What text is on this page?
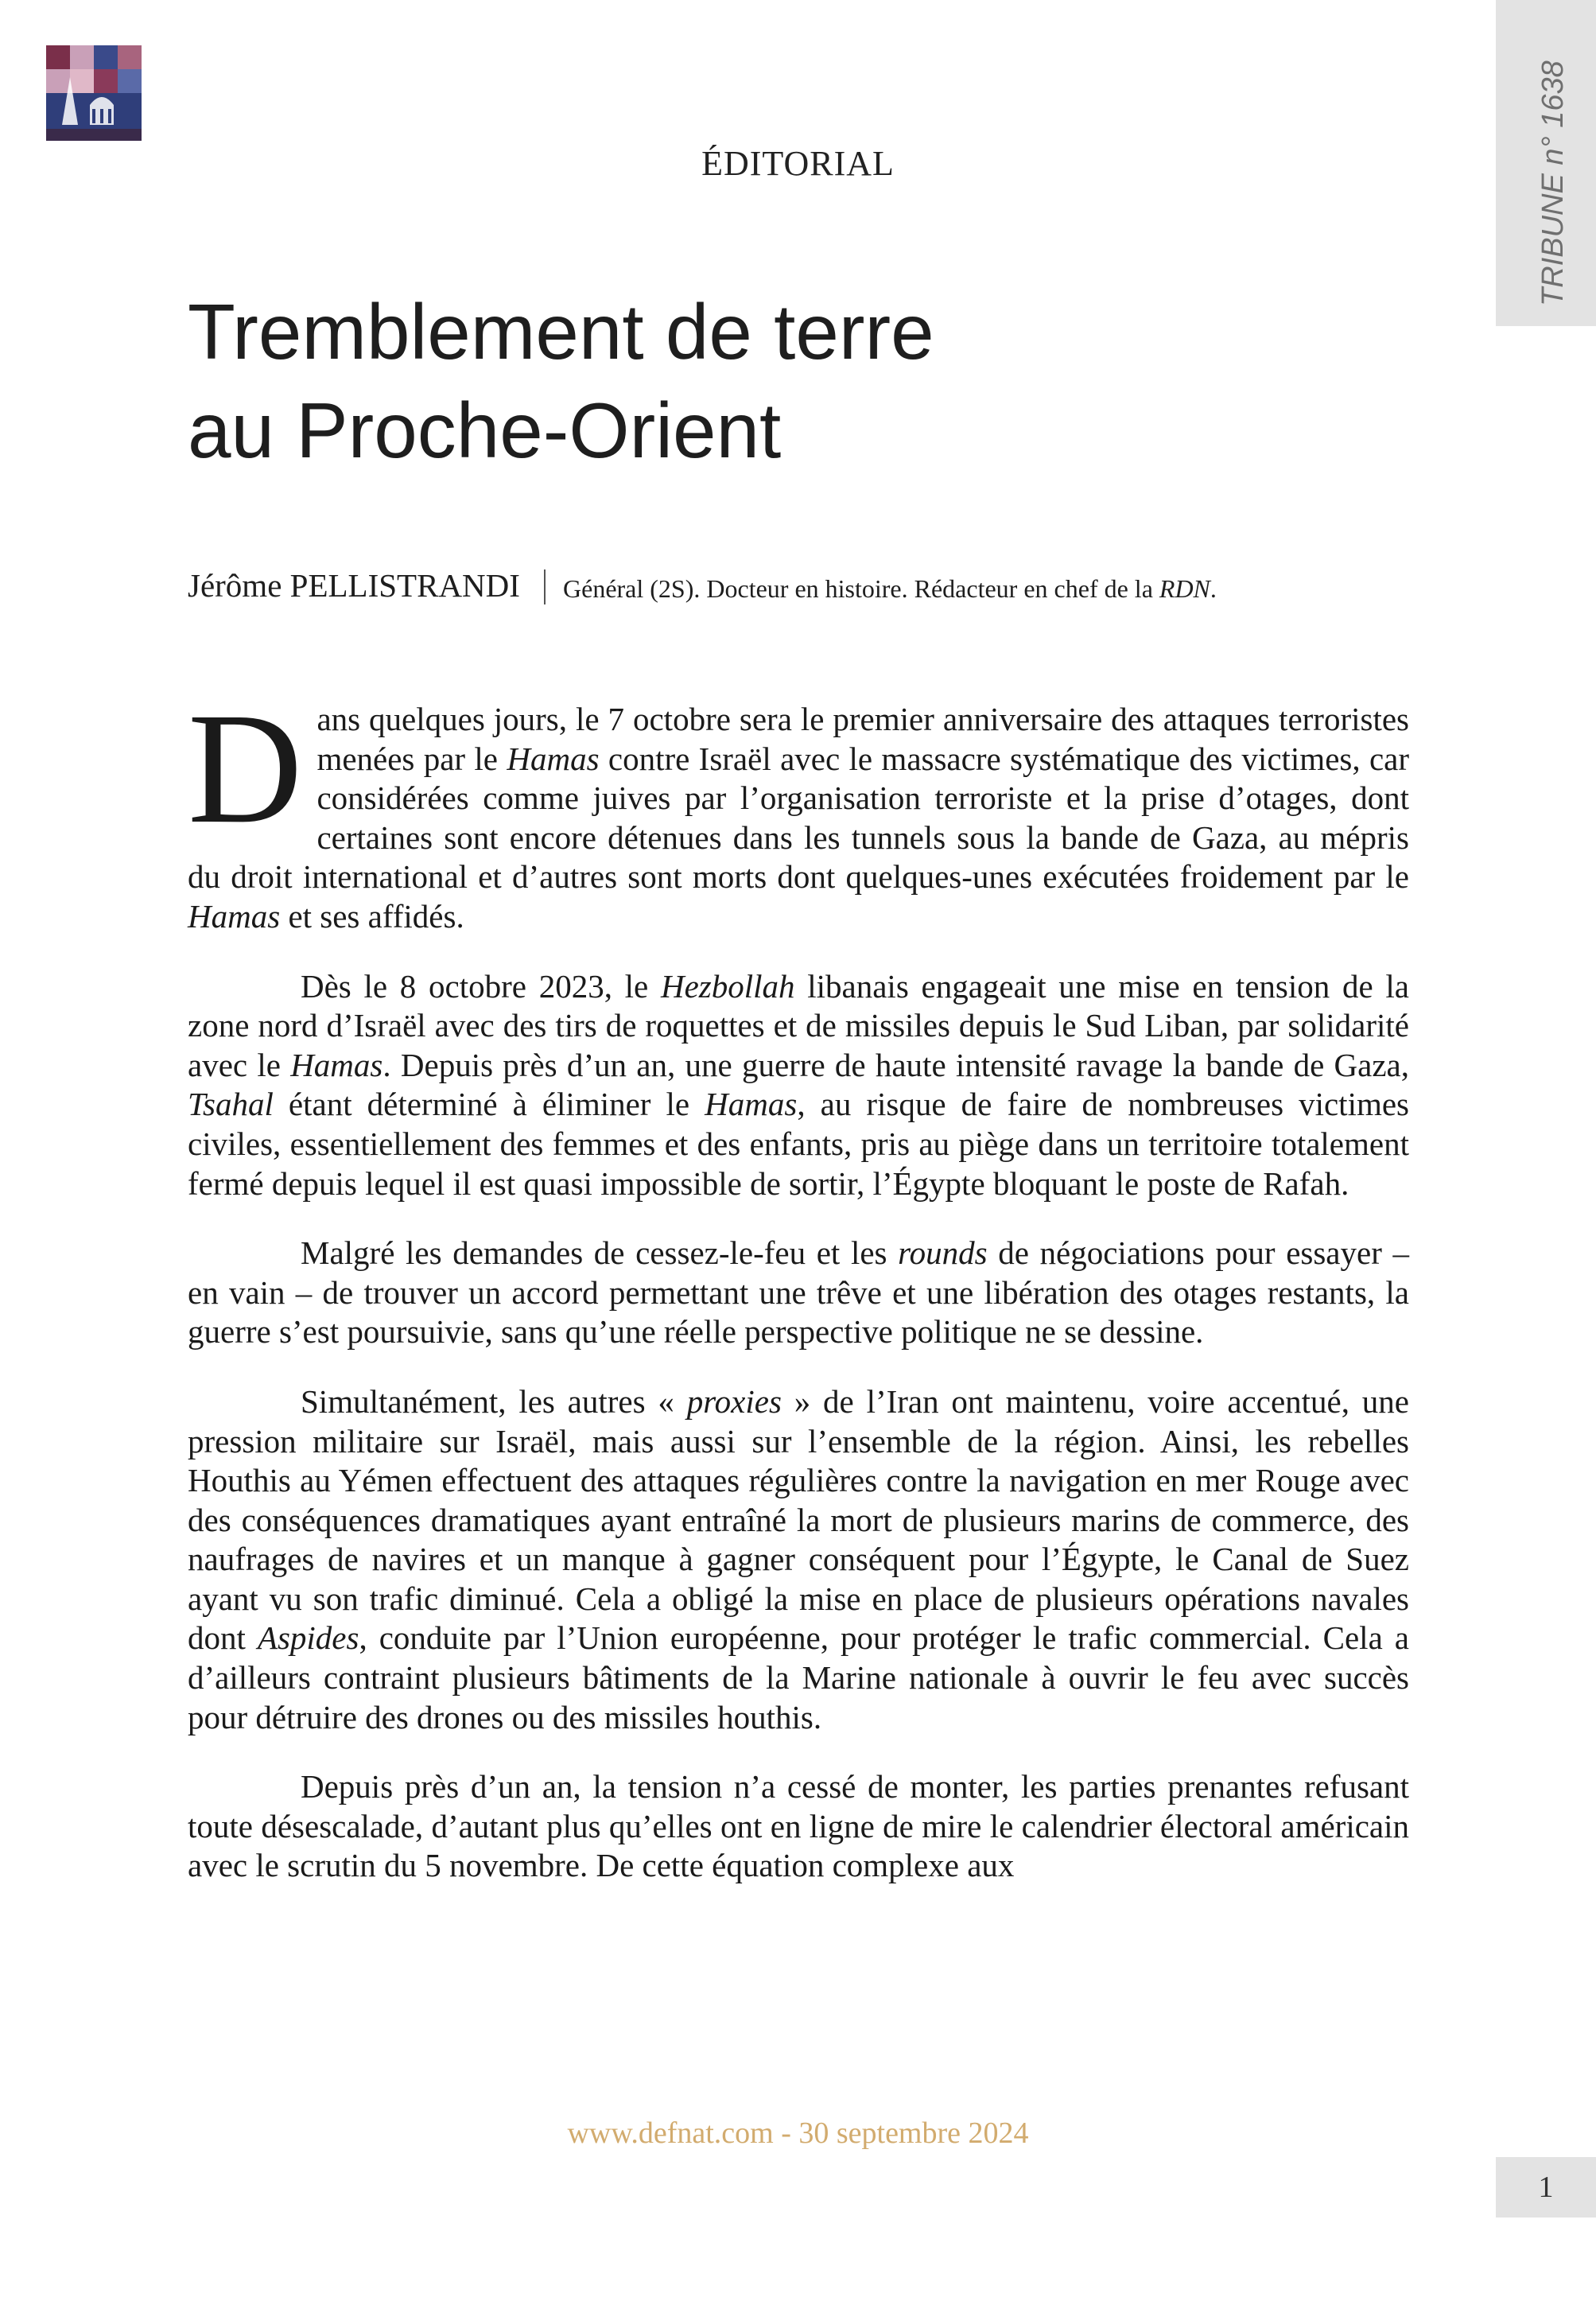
TRIBUNE n° 1638
ÉDITORIAL
Tremblement de terre
au Proche-Orient
Jérôme PELLISTRANDI Général (2S). Docteur en histoire. Rédacteur en chef de la RDN.

Dans quelques jours, le 7 octobre sera le premier anniversaire des attaques terroristes menées par le Hamas contre Israël avec le massacre systématique des victimes, car considérées comme juives par l’organisation terroriste et la prise d’otages, dont certaines sont encore détenues dans les tunnels sous la bande de Gaza, au mépris du droit international et d’autres sont morts dont quelques-unes exécutées froidement par le Hamas et ses affidés.

Dès le 8 octobre 2023, le Hezbollah libanais engageait une mise en tension de la zone nord d’Israël avec des tirs de roquettes et de missiles depuis le Sud Liban, par solidarité avec le Hamas. Depuis près d’un an, une guerre de haute intensité ravage la bande de Gaza, Tsahal étant déterminé à éliminer le Hamas, au risque de faire de nombreuses victimes civiles, essentiellement des femmes et des enfants, pris au piège dans un territoire totalement fermé depuis lequel il est quasi impossible de sortir, l’Égypte bloquant le poste de Rafah.

Malgré les demandes de cessez-le-feu et les rounds de négociations pour essayer – en vain – de trouver un accord permettant une trêve et une libération des otages restants, la guerre s’est poursuivie, sans qu’une réelle perspective politique ne se dessine.

Simultanément, les autres « proxies » de l’Iran ont maintenu, voire accentué, une pression militaire sur Israël, mais aussi sur l’ensemble de la région. Ainsi, les rebelles Houthis au Yémen effectuent des attaques régulières contre la navigation en mer Rouge avec des conséquences dramatiques ayant entraîné la mort de plusieurs marins de commerce, des naufrages de navires et un manque à gagner conséquent pour l’Égypte, le Canal de Suez ayant vu son trafic diminué. Cela a obligé la mise en place de plusieurs opérations navales dont Aspides, conduite par l’Union européenne, pour protéger le trafic commercial. Cela a d’ailleurs contraint plusieurs bâtiments de la Marine nationale à ouvrir le feu avec succès pour détruire des drones ou des missiles houthis.

Depuis près d’un an, la tension n’a cessé de monter, les parties prenantes refusant toute désescalade, d’autant plus qu’elles ont en ligne de mire le calendrier électoral américain avec le scrutin du 5 novembre. De cette équation complexe aux

www.defnat.com - 30 septembre 2024
1
